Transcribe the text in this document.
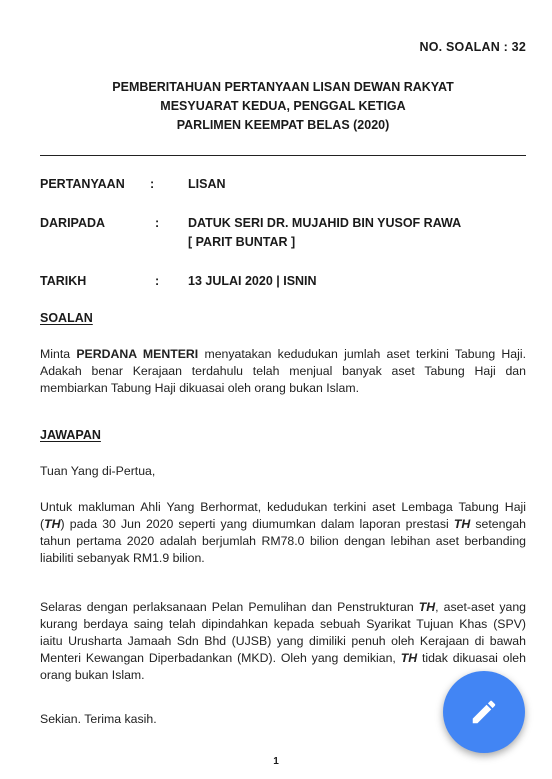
NO. SOALAN : 32
PEMBERITAHUAN PERTANYAAN LISAN DEWAN RAKYAT
MESYUARAT KEDUA, PENGGAL KETIGA
PARLIMEN KEEMPAT BELAS (2020)
PERTANYAAN :	LISAN
DARIPADA	: DATUK SERI DR. MUJAHID BIN YUSOF RAWA
[ PARIT BUNTAR ]
TARIKH	: 13 JULAI 2020 | ISNIN
SOALAN
Minta PERDANA MENTERI menyatakan kedudukan jumlah aset terkini Tabung Haji. Adakah benar Kerajaan terdahulu telah menjual banyak aset Tabung Haji dan membiarkan Tabung Haji dikuasai oleh orang bukan Islam.
JAWAPAN
Tuan Yang di-Pertua,
Untuk makluman Ahli Yang Berhormat, kedudukan terkini aset Lembaga Tabung Haji (TH) pada 30 Jun 2020 seperti yang diumumkan dalam laporan prestasi TH setengah tahun pertama 2020 adalah berjumlah RM78.0 bilion dengan lebihan aset berbanding liabiliti sebanyak RM1.9 bilion.
Selaras dengan perlaksanaan Pelan Pemulihan dan Penstrukturan TH, aset-aset yang kurang berdaya saing telah dipindahkan kepada sebuah Syarikat Tujuan Khas (SPV) iaitu Urusharta Jamaah Sdn Bhd (UJSB) yang dimiliki penuh oleh Kerajaan di bawah Menteri Kewangan Diperbadankan (MKD). Oleh yang demikian, TH tidak dikuasai oleh orang bukan Islam.
Sekian. Terima kasih.
1
